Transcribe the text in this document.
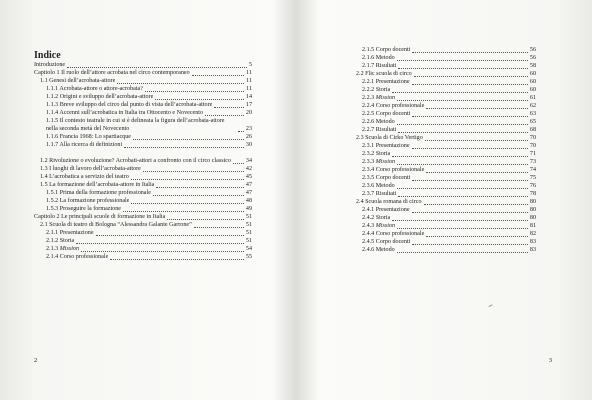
Indice
Introduzione	5
Capitolo 1 Il ruolo dell’attore acrobata nel circo contemporaneo	11
1.1 Genesi dell’acrobata-attore	11
1.1.1 Acrobata-attore o attore-acrobata?	11
1.1.2 Origini e sviluppo dell’acrobata-attore	14
1.1.3 Breve sviluppo del circo dal punto di vista dell’acrobata-attore	17
1.1.4 Accenni sull’acrobatica in Italia tra Ottocento e Novecento	20
1.1.5 Il contesto teatrale in cui si è delineata la figura dell’acrobata-attore nella seconda metà del Novecento	23
1.1.6 Francia 1968: Lo spartiacque	26
1.1.7 Alla ricerca di definizioni	30
1.2 Rivoluzione o evoluzione? Acrobati-attori a confronto con il circo classico 34
1.3 I luoghi di lavoro dell’acrobata-attore	42
1.4 L’acrobatica a servizio del teatro	45
1.5 La formazione dell’acrobata-attore in Italia	47
1.5.1 Prima della formazione professionale	47
1.5.2 La formazione professionale	48
1.5.3 Proseguire la formazione	49
Capitolo 2 Le principali scuole di formazione in Italia	51
2.1 Scuola di teatro di Bologna “Alessandra Galante Garrone”	51
2.1.1 Presentazione	51
2.1.2 Storia	51
2.1.3 Mission	54
2.1.4 Corso professionale	55
2
2.1.5 Corpo docenti	56
2.1.6 Metodo	56
2.1.7 Risultati	58
2.2 Flic scuola di circo	60
2.2.1 Presentazione	60
2.2.2 Storia	60
2.2.3 Mission	61
2.2.4 Corso professionale	62
2.2.5 Corpo docenti	63
2.2.6 Metodo	65
2.2.7 Risultati	68
2.3 Scuola di Cirko Vertigo	70
2.3.1 Presentazione	70
2.3.2 Storia	71
2.3.3 Mission	73
2.3.4 Corso professionale	74
2.3.5 Corpo docenti	75
2.3.6 Metodo	76
2.3.7 Risultati	78
2.4 Scuola romana di circo	80
2.4.1 Presentazione	80
2.4.2 Storia	80
2.4.3 Mission	81
2.4.4 Corso professionale	82
2.4.5 Corpo docenti	83
2.4.6 Metodo	83
3
